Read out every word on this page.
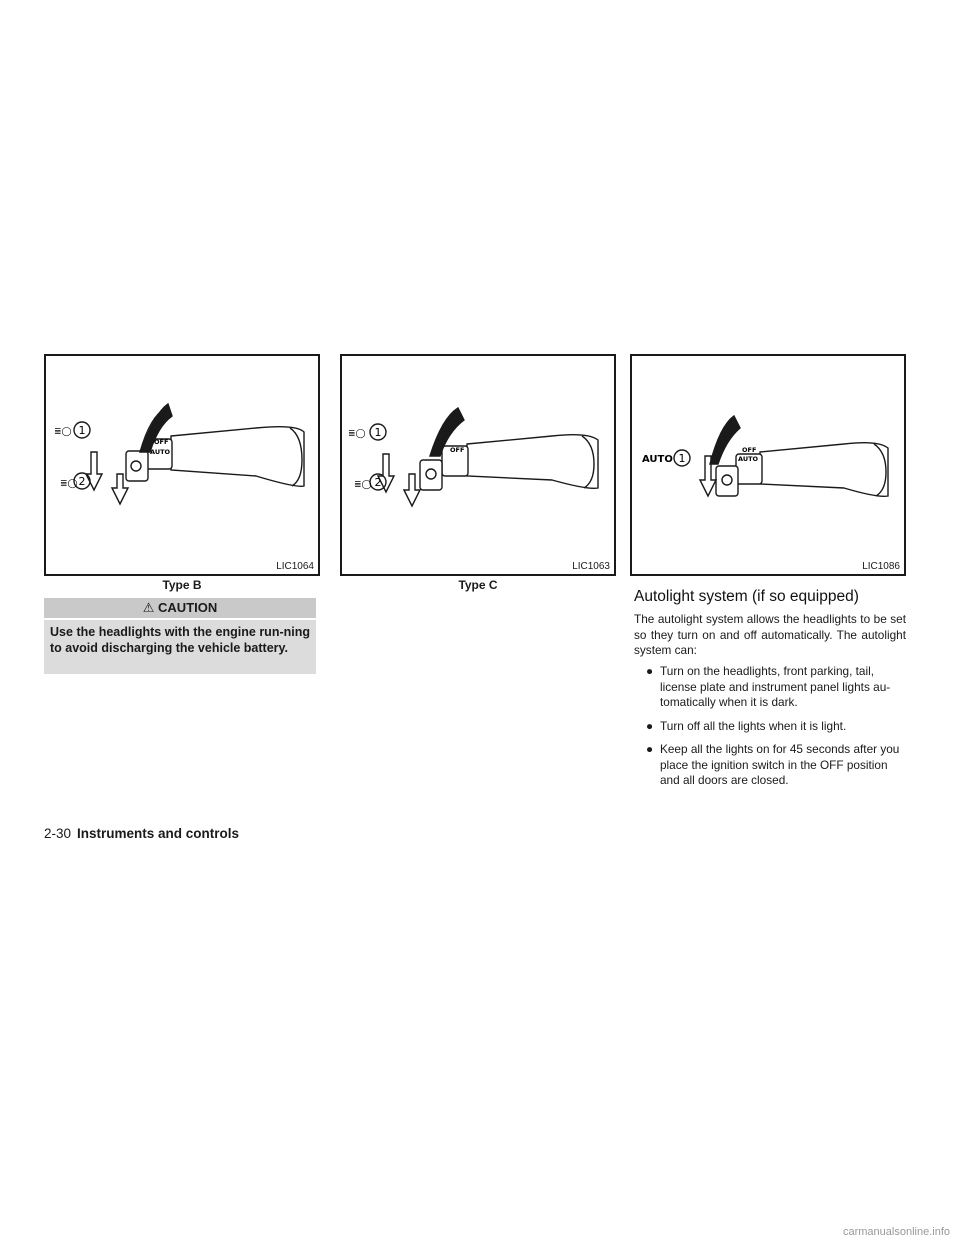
1
2
OFF
AUTO
≣◯
≣◯
LIC1064
Type B
1
2
OFF
≣◯
≣◯
LIC1063
Type C
AUTO 1
OFF
AUTO
LIC1086
⚠ CAUTION
Use the headlights with the engine run-ning to avoid discharging the vehicle battery.
Autolight system (if so equipped)
The autolight system allows the headlights to be set so they turn on and off automatically. The autolight system can:
● Turn on the headlights, front parking, tail, license plate and instrument panel lights au-tomatically when it is dark.
● Turn off all the lights when it is light.
● Keep all the lights on for 45 seconds after you place the ignition switch in the OFF position and all doors are closed.
2-30 Instruments and controls
carmanualsonline.info
